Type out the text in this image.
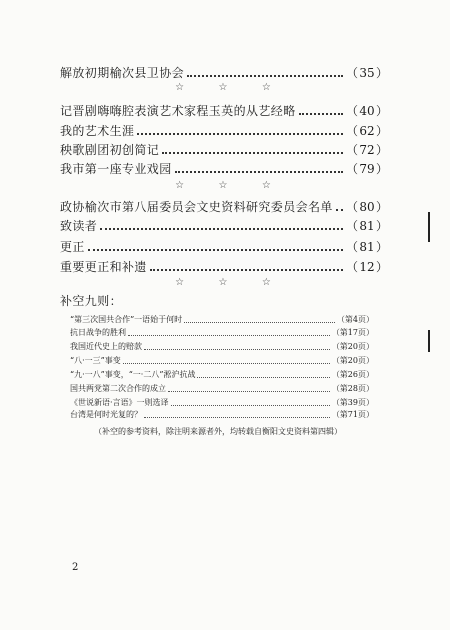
解放初期榆次县卫协会	（35）
☆	☆	☆
记晋剧嗨嗨腔表演艺术家程玉英的从艺经略	（40）
我的艺术生涯	（62）
秧歌剧团初创简记	（72）
我市第一座专业戏园	（79）
☆	☆	☆
政协榆次市第八届委员会文史资料研究委员会名单 （80）
致读者	（81）
更正	（81）
重要更正和补遗	（12）
☆	☆	☆
补空九则：
“第三次国共合作”一语始于何时	（第4页）
抗日战争的胜利	（第17页）
我国近代史上的赔款	（第20页）
“八·一三”事变	（第20页）
“九·一八”事变，“一·二八”淞沪抗战	（第26页）
国共两党第二次合作的成立	（第28页）
《世说新语·言语》一则选译	（第39页）
台湾是何时光复的？	（第71页）
（补空的参考资料，除注明来源者外，均转载自衡阳文史资料第四辑）
2
